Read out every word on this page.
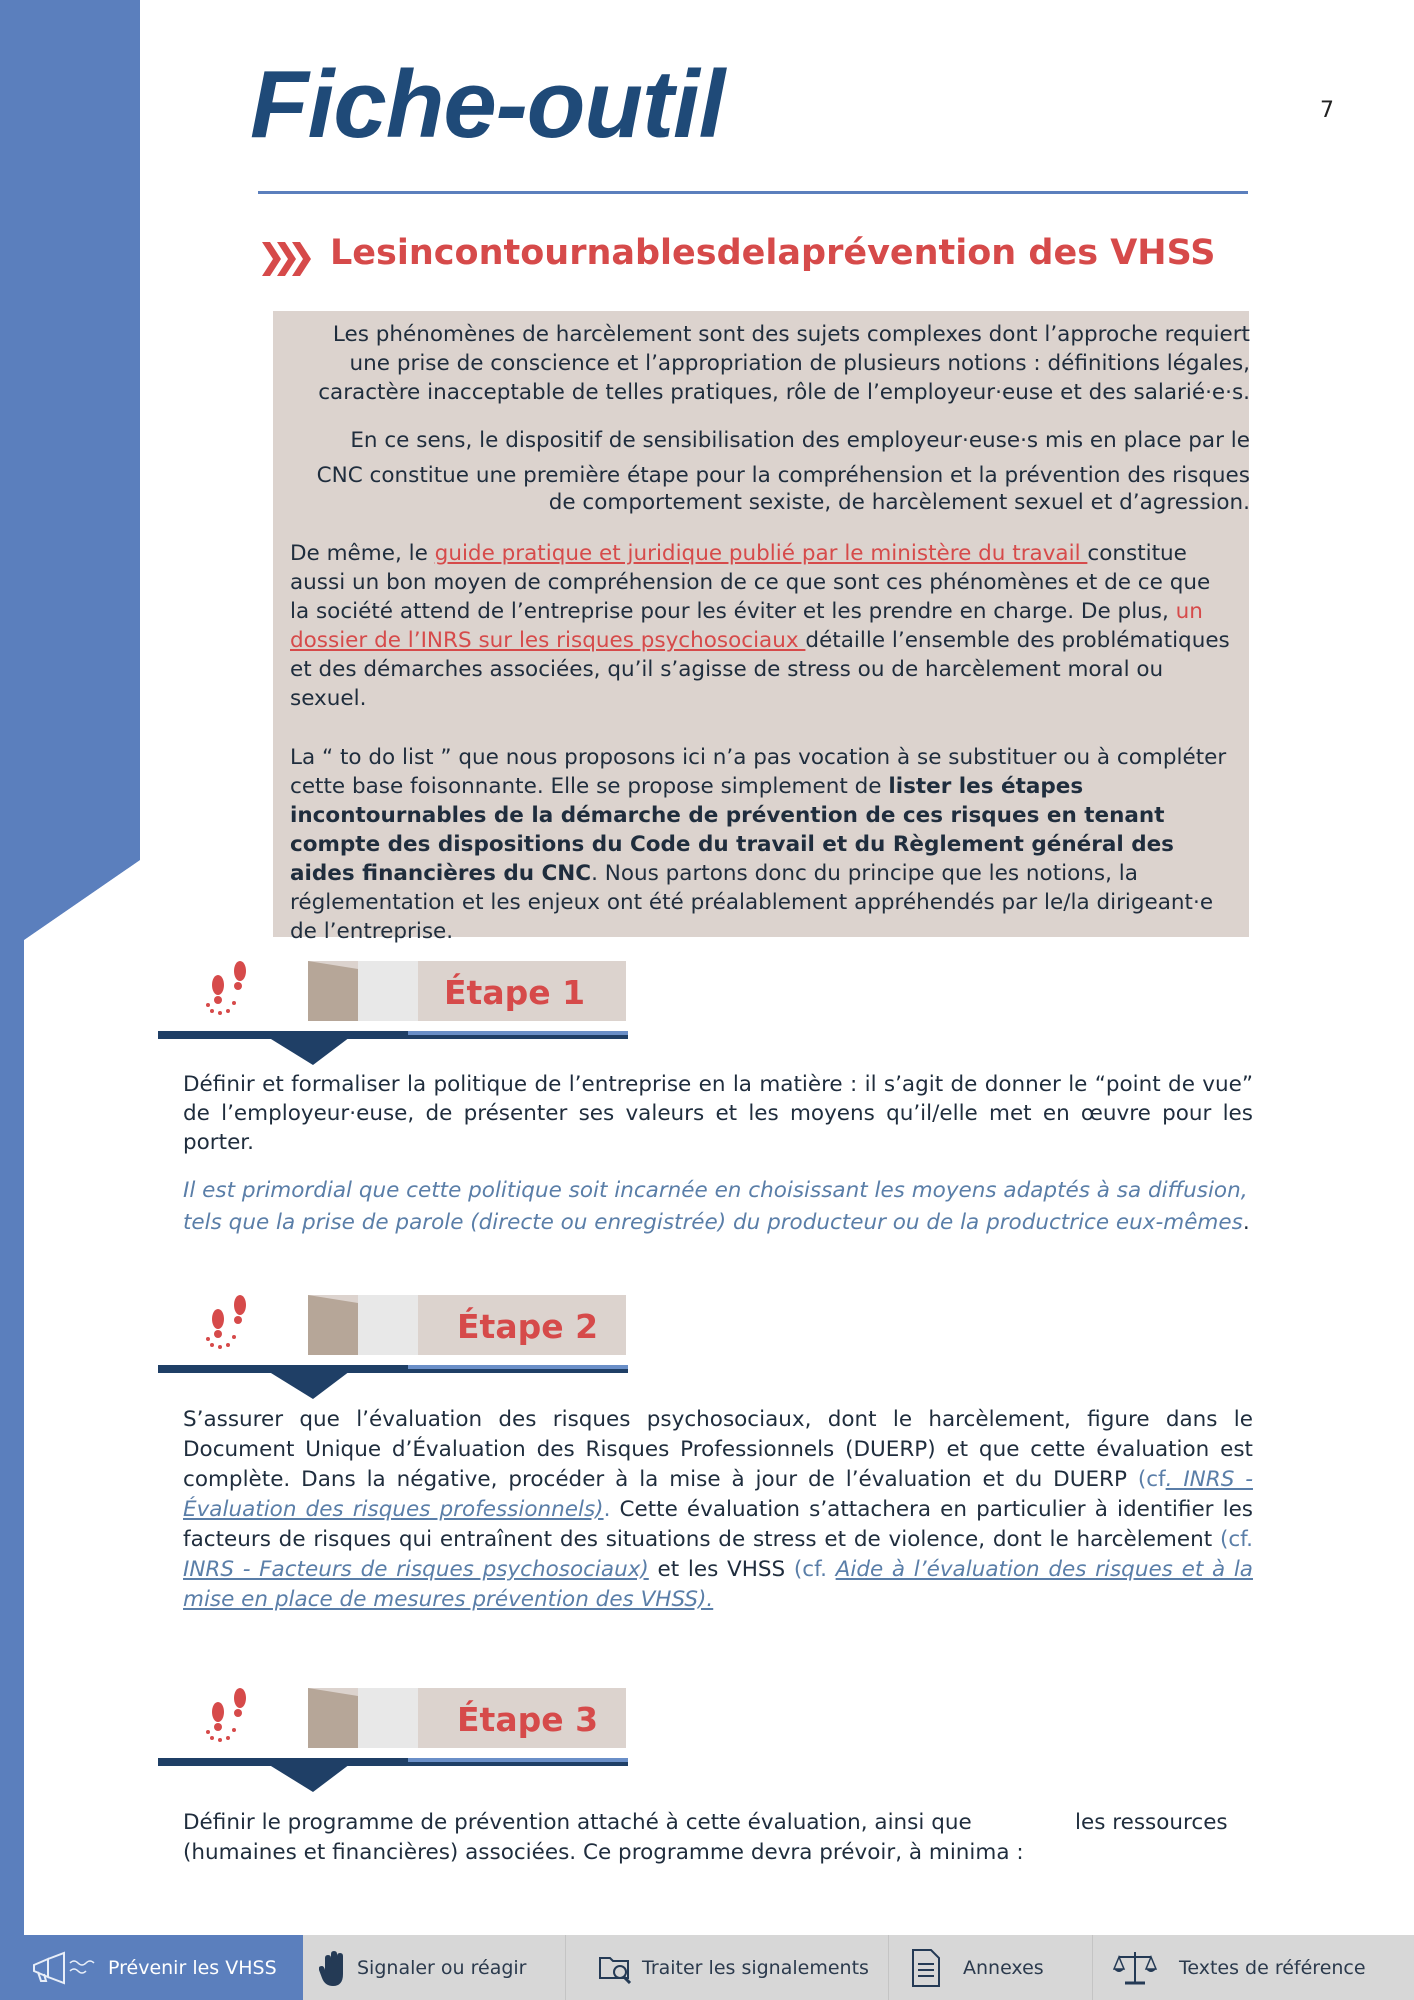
Fiche-outil	7
Lesincontournablesdelaprévention des VHSS
Les phénomènes de harcèlement sont des sujets complexes dont l’approche requiert
une prise de conscience et l’appropriation de plusieurs notions : définitions légales,
caractère inacceptable de telles pratiques, rôle de l’employeur·euse et des salarié·e·s.
En ce sens, le dispositif de sensibilisation des employeur·euse·s mis en place par le
CNC constitue une première étape pour la compréhension et la prévention des risques
de comportement sexiste, de harcèlement sexuel et d’agression.
De même, le guide pratique et juridique publié par le ministère du travail constitue aussi un bon moyen de compréhension de ce que sont ces phénomènes et de ce que la société attend de l’entreprise pour les éviter et les prendre en charge. De plus, un dossier de l’INRS sur les risques psychosociaux détaille l’ensemble des problématiques et des démarches associées, qu’il s’agisse de stress ou de harcèlement moral ou sexuel.
La “ to do list ” que nous proposons ici n’a pas vocation à se substituer ou à compléter cette base foisonnante. Elle se propose simplement de lister les étapes incontournables de la démarche de prévention de ces risques en tenant compte des dispositions du Code du travail et du Règlement général des aides financières du CNC. Nous partons donc du principe que les notions, la réglementation et les enjeux ont été préalablement appréhendés par le/la dirigeant·e de l’entreprise.
Étape 1
Définir et formaliser la politique de l’entreprise en la matière : il s’agit de donner le “point de vue” de l’employeur·euse, de présenter ses valeurs et les moyens qu’il/elle met en œuvre pour les porter.
Il est primordial que cette politique soit incarnée en choisissant les moyens adaptés à sa diffusion, tels que la prise de parole (directe ou enregistrée) du producteur ou de la productrice eux-mêmes.
Étape 2
S’assurer que l’évaluation des risques psychosociaux, dont le harcèlement, figure dans le Document Unique d’Évaluation des Risques Professionnels (DUERP) et que cette évaluation est complète. Dans la négative, procéder à la mise à jour de l’évaluation et du DUERP (cf. INRS - Évaluation des risques professionnels). Cette évaluation s’attachera en particulier à identifier les facteurs de risques qui entraînent des situations de stress et de violence, dont le harcèlement (cf. INRS - Facteurs de risques psychosociaux) et les VHSS (cf. Aide à l’évaluation des risques et à la mise en place de mesures prévention des VHSS).
Étape 3
Définir le programme de prévention attaché à cette évaluation, ainsi que	les ressources
(humaines et financières) associées. Ce programme devra prévoir, à minima :
Prévenir les VHSS	Signaler ou réagir	Traiter les signalements	Annexes	Textes de référence
